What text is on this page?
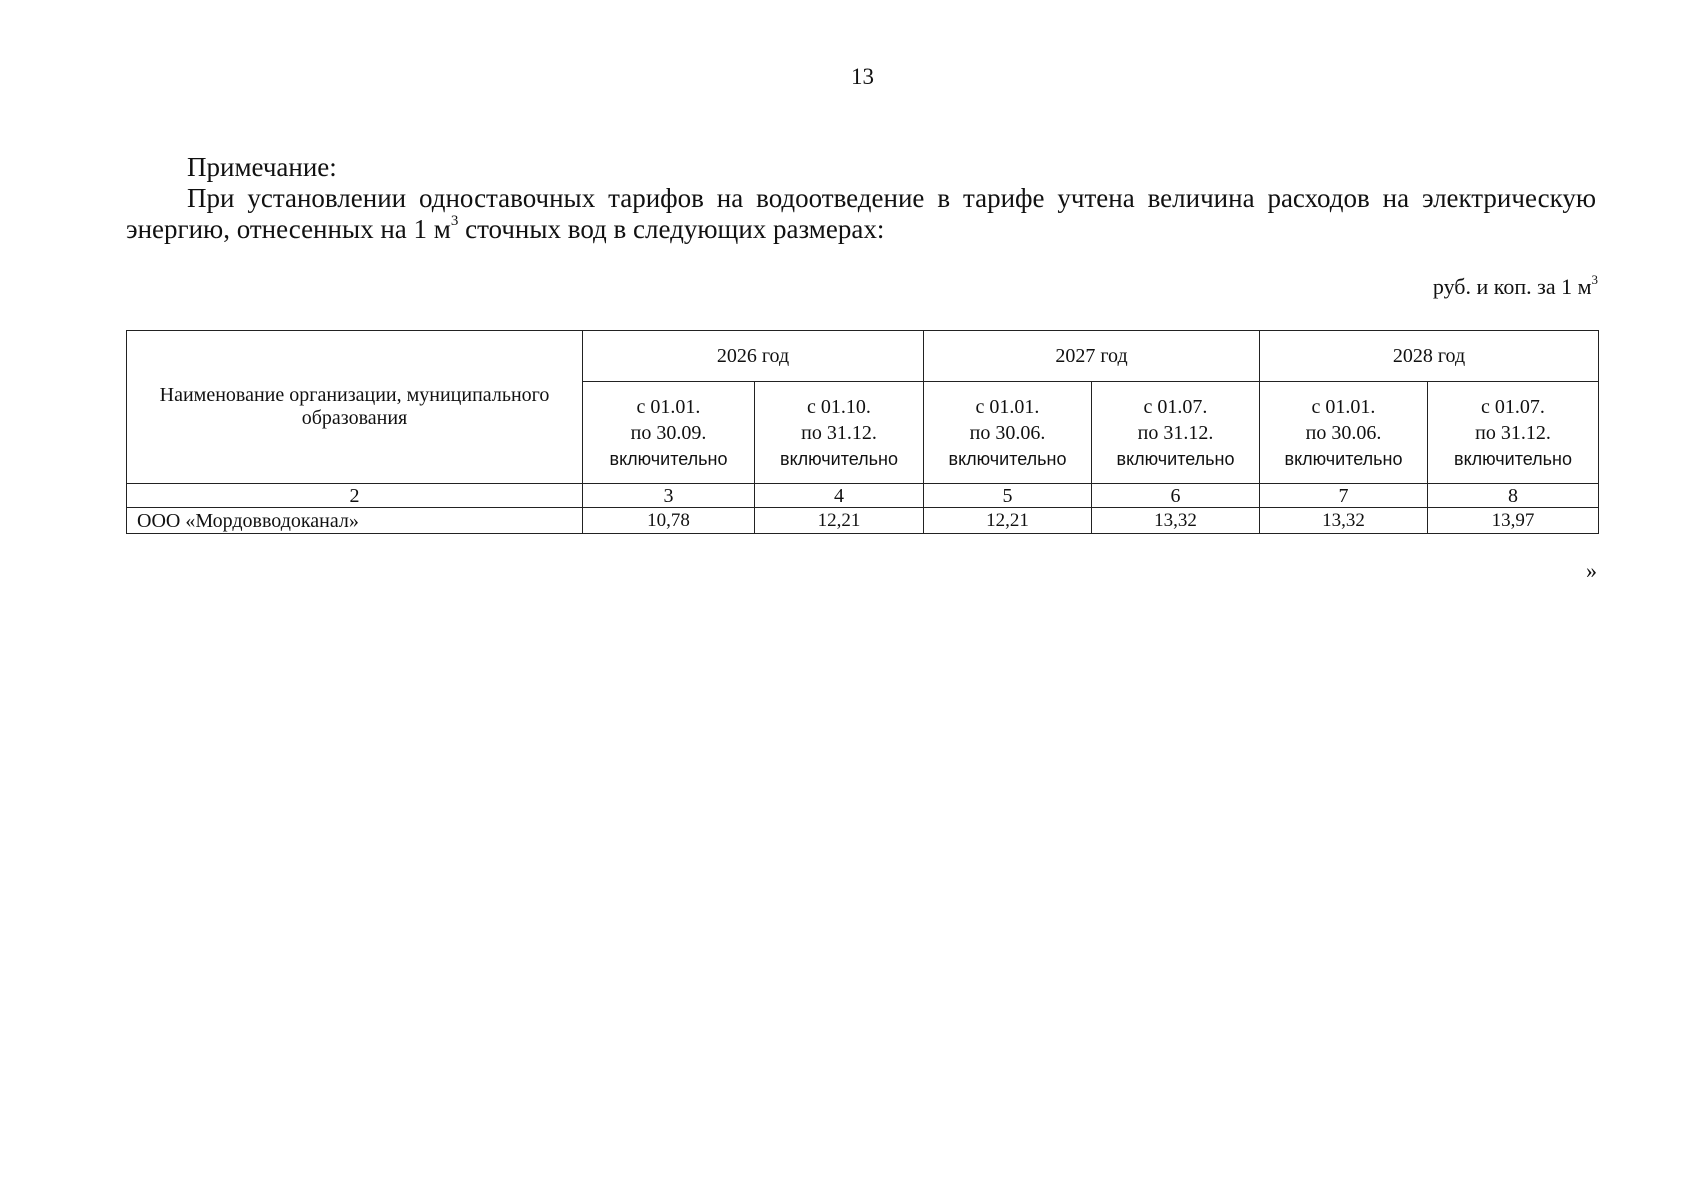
13
Примечание:
При установлении одноставочных тарифов на водоотведение в тарифе учтена величина расходов на электрическую энергию, отнесенных на 1 $м^3$ сточных вод в следующих размерах:
руб. и коп. за 1 $м^3$
Наименование организации, муниципального образования	2026 год		2027 год		2028 год	

	с 01.01.
по 30.09.
включительно	с 01.10.
по 31.12.
включительно	с 01.01.
по 30.06.
включительно	с 01.07.
по 31.12.
включительно	с 01.01.
по 30.06.
включительно	с 01.07.
по 31.12.
включительно

2	3	4	5	6	7	8
ООО «Мордовводоканал»	10,78	12,21	12,21	13,32	13,32	13,97
»
